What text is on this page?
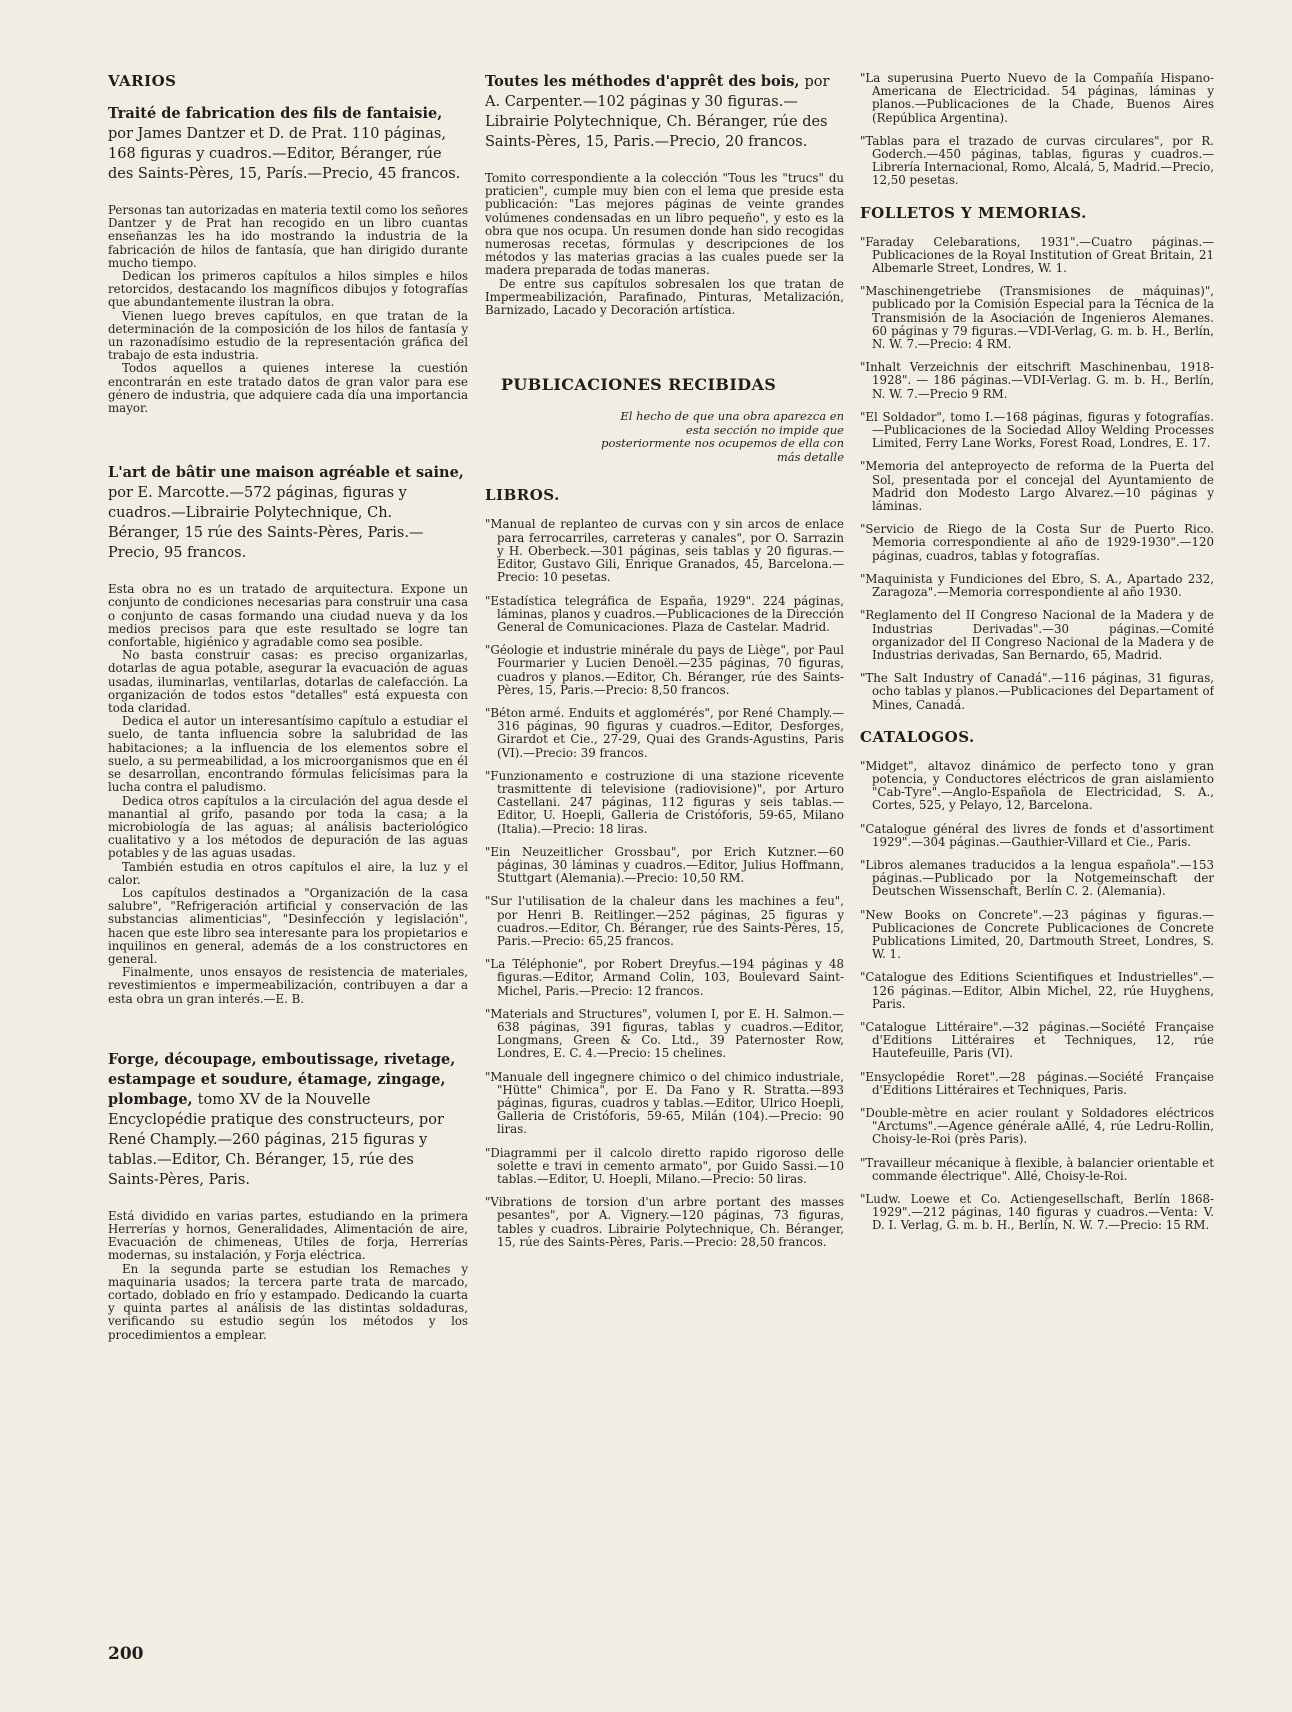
VARIOS
Traité de fabrication des fils de fantaisie, por James Dantzer et D. de Prat. 110 páginas, 168 figuras y cuadros.—Editor, Béranger, rúe des Saints-Pères, 15, París.—Precio, 45 francos.

Personas tan autorizadas en materia textil como los señores Dantzer y de Prat han recogido en un libro cuantas enseñanzas les ha ido mostrando la industria de la fabricación de hilos de fantasía, que han dirigido durante mucho tiempo.

Dedican los primeros capítulos a hilos simples e hilos retorcidos, destacando los magníficos dibujos y fotografías que abundantemente ilustran la obra.

Vienen luego breves capítulos, en que tratan de la determinación de la composición de los hilos de fantasía y un razonadísimo estudio de la representación gráfica del trabajo de esta industria.

Todos aquellos a quienes interese la cuestión encontrarán en este tratado datos de gran valor para ese género de industria, que adquiere cada día una importancia mayor.

L'art de bâtir une maison agréable et saine, por E. Marcotte.—572 páginas, figuras y cuadros.—Librairie Polytechnique, Ch. Béranger, 15 rúe des Saints-Pères, Paris.—Precio, 95 francos.

Esta obra no es un tratado de arquitectura. Expone un conjunto de condiciones necesarias para construir una casa o conjunto de casas formando una ciudad nueva y da los medios precisos para que este resultado se logre tan confortable, higiénico y agradable como sea posible.

No basta construir casas: es preciso organizarlas, dotarlas de agua potable, asegurar la evacuación de aguas usadas, iluminarlas, ventilarlas, dotarlas de calefacción. La organización de todos estos "detalles" está expuesta con toda claridad.

Dedica el autor un interesantísimo capítulo a estudiar el suelo, de tanta influencia sobre la salubridad de las habitaciones; a la influencia de los elementos sobre el suelo, a su permeabilidad, a los microorganismos que en él se desarrollan, encontrando fórmulas felicísimas para la lucha contra el paludismo.

Dedica otros capítulos a la circulación del agua desde el manantial al grifo, pasando por toda la casa; a la microbiología de las aguas; al análisis bacteriológico cualitativo y a los métodos de depuración de las aguas potables y de las aguas usadas.

También estudia en otros capítulos el aire, la luz y el calor.

Los capítulos destinados a "Organización de la casa salubre", "Refrigeración artificial y conservación de las substancias alimenticias", "Desinfección y legislación", hacen que este libro sea interesante para los propietarios e inquilinos en general, además de a los constructores en general.

Finalmente, unos ensayos de resistencia de materiales, revestimientos e impermeabilización, contribuyen a dar a esta obra un gran interés.—E. B.

Forge, découpage, emboutissage, rivetage, estampage et soudure, étamage, zingage, plombage, tomo XV de la Nouvelle Encyclopédie pratique des constructeurs, por René Champly.—260 páginas, 215 figuras y tablas.—Editor, Ch. Béranger, 15, rúe des Saints-Pères, Paris.

Está dividido en varias partes, estudiando en la primera Herrerías y hornos, Generalidades, Alimentación de aire, Evacuación de chimeneas, Utiles de forja, Herrerías modernas, su instalación, y Forja eléctrica.

En la segunda parte se estudian los Remaches y maquinaria usados; la tercera parte trata de marcado, cortado, doblado en frío y estampado. Dedicando la cuarta y quinta partes al análisis de las distintas soldaduras, verificando su estudio según los métodos y los procedimientos a emplear.

Toutes les méthodes d'apprêt des bois, por A. Carpenter.—102 páginas y 30 figuras.—Librairie Polytechnique, Ch. Béranger, rúe des Saints-Pères, 15, Paris.—Precio, 20 francos.

Tomito correspondiente a la colección "Tous les "trucs" du praticien", cumple muy bien con el lema que preside esta publicación: "Las mejores páginas de veinte grandes volúmenes condensadas en un libro pequeño", y esto es la obra que nos ocupa. Un resumen donde han sido recogidas numerosas recetas, fórmulas y descripciones de los métodos y las materias gracias a las cuales puede ser la madera preparada de todas maneras.

De entre sus capítulos sobresalen los que tratan de Impermeabilización, Parafinado, Pinturas, Metalización, Barnizado, Lacado y Decoración artística.

PUBLICACIONES RECIBIDAS
El hecho de que una obra aparezca en esta sección no impide que posteriormente nos ocupemos de ella con más detalle
LIBROS.
"Manual de replanteo de curvas con y sin arcos de enlace para ferrocarriles, carreteras y canales", por O. Sarrazin y H. Oberbeck.—301 páginas, seis tablas y 20 figuras.—Editor, Gustavo Gili, Enrique Granados, 45, Barcelona.—Precio: 10 pesetas.
"Estadística telegráfica de España, 1929". 224 páginas, láminas, planos y cuadros.—Publicaciones de la Dirección General de Comunicaciones. Plaza de Castelar. Madrid.
"Géologie et industrie minérale du pays de Liège", por Paul Fourmarier y Lucien Denoël.—235 páginas, 70 figuras, cuadros y planos.—Editor, Ch. Béranger, rúe des Saints-Pères, 15, Paris.—Precio: 8,50 francos.
"Béton armé. Enduits et agglomérés", por René Champly.—316 páginas, 90 figuras y cuadros.—Editor, Desforges, Girardot et Cie., 27-29, Quai des Grands-Agustins, Paris (VI).—Precio: 39 francos.
"Funzionamento e costruzione di una stazione ricevente trasmittente di televisione (radiovisione)", por Arturo Castellani. 247 páginas, 112 figuras y seis tablas.—Editor, U. Hoepli, Galleria de Cristóforis, 59-65, Milano (Italia).—Precio: 18 liras.
"Ein Neuzeitlicher Grossbau", por Erich Kutzner.—60 páginas, 30 láminas y cuadros.—Editor, Julius Hoffmann, Stuttgart (Alemania).—Precio: 10,50 RM.
"Sur l'utilisation de la chaleur dans les machines a feu", por Henri B. Reitlinger.—252 páginas, 25 figuras y cuadros.—Editor, Ch. Béranger, rúe des Saints-Pères, 15, Paris.—Precio: 65,25 francos.
"La Téléphonie", por Robert Dreyfus.—194 páginas y 48 figuras.—Editor, Armand Colin, 103, Boulevard Saint-Michel, Paris.—Precio: 12 francos.
"Materials and Structures", volumen I, por E. H. Salmon.—638 páginas, 391 figuras, tablas y cuadros.—Editor, Longmans, Green & Co. Ltd., 39 Paternoster Row, Londres, E. C. 4.—Precio: 15 chelines.
"Manuale dell ingegnere chimico o del chimico industriale, "Hütte" Chimica", por E. Da Fano y R. Stratta.—893 páginas, figuras, cuadros y tablas.—Editor, Ulrico Hoepli, Galleria de Cristóforis, 59-65, Milán (104).—Precio: 90 liras.
"Diagrammi per il calcolo diretto rapido rigoroso delle solette e travi in cemento armato", por Guido Sassi.—10 tablas.—Editor, U. Hoepli, Milano.—Precio: 50 liras.
"Vibrations de torsion d'un arbre portant des masses pesantes", por A. Vignery.—120 páginas, 73 figuras, tables y cuadros. Librairie Polytechnique, Ch. Béranger, 15, rúe des Saints-Pères, Paris.—Precio: 28,50 francos.
"La superusina Puerto Nuevo de la Compañía Hispano-Americana de Electricidad. 54 páginas, láminas y planos.—Publicaciones de la Chade, Buenos Aires (República Argentina).
"Tablas para el trazado de curvas circulares", por R. Goderch.—450 páginas, tablas, figuras y cuadros.—Librería Internacional, Romo, Alcalá, 5, Madrid.—Precio, 12,50 pesetas.
FOLLETOS Y MEMORIAS.
"Faraday Celebarations, 1931".—Cuatro páginas.—Publicaciones de la Royal Institution of Great Britain, 21 Albemarle Street, Londres, W. 1.
"Maschinengetriebe (Transmisiones de máquinas)", publicado por la Comisión Especial para la Técnica de la Transmisión de la Asociación de Ingenieros Alemanes. 60 páginas y 79 figuras.—VDI-Verlag, G. m. b. H., Berlín, N. W. 7.—Precio: 4 RM.
"Inhalt Verzeichnis der eitschrift Maschinenbau, 1918-1928". — 186 páginas.—VDI-Verlag. G. m. b. H., Berlín, N. W. 7.—Precio 9 RM.
"El Soldador", tomo I.—168 páginas, figuras y fotografías.—Publicaciones de la Sociedad Alloy Welding Processes Limited, Ferry Lane Works, Forest Road, Londres, E. 17.
"Memoria del anteproyecto de reforma de la Puerta del Sol, presentada por el concejal del Ayuntamiento de Madrid don Modesto Largo Alvarez.—10 páginas y láminas.
"Servicio de Riego de la Costa Sur de Puerto Rico. Memoria correspondiente al año de 1929-1930".—120 páginas, cuadros, tablas y fotografías.
"Maquinista y Fundiciones del Ebro, S. A., Apartado 232, Zaragoza".—Memoria correspondiente al año 1930.
"Reglamento del II Congreso Nacional de la Madera y de Industrias Derivadas".—30 páginas.—Comité organizador del II Congreso Nacional de la Madera y de Industrias derivadas, San Bernardo, 65, Madrid.
"The Salt Industry of Canadá".—116 páginas, 31 figuras, ocho tablas y planos.—Publicaciones del Departament of Mines, Canadá.
CATALOGOS.
"Midget", altavoz dinámico de perfecto tono y gran potencia, y Conductores eléctricos de gran aislamiento "Cab-Tyre".—Anglo-Española de Electricidad, S. A., Cortes, 525, y Pelayo, 12, Barcelona.
"Catalogue général des livres de fonds et d'assortiment 1929".—304 páginas.—Gauthier-Villard et Cie., Paris.
"Libros alemanes traducidos a la lengua española".—153 páginas.—Publicado por la Notgemeinschaft der Deutschen Wissenschaft, Berlín C. 2. (Alemania).
"New Books on Concrete".—23 páginas y figuras.—Publicaciones de Concrete Publicaciones de Concrete Publications Limited, 20, Dartmouth Street, Londres, S. W. 1.
"Catalogue des Editions Scientifiques et Industrielles".—126 páginas.—Editor, Albin Michel, 22, rúe Huyghens, Paris.
"Catalogue Littéraire".—32 páginas.—Société Française d'Editions Littéraires et Techniques, 12, rúe Hautefeuille, Paris (VI).
"Ensyclopédie Roret".—28 páginas.—Société Française d'Editions Littéraires et Techniques, Paris.
"Double-mètre en acier roulant y Soldadores eléctricos "Arctums".—Agence générale aAllé, 4, rúe Ledru-Rollin, Choisy-le-Roi (près Paris).
"Travailleur mécanique à flexible, à balancier orientable et commande électrique". Allé, Choisy-le-Roi.
"Ludw. Loewe et Co. Actiengesellschaft, Berlín 1868-1929".—212 páginas, 140 figuras y cuadros.—Venta: V. D. I. Verlag, G. m. b. H., Berlín, N. W. 7.—Precio: 15 RM.
200
